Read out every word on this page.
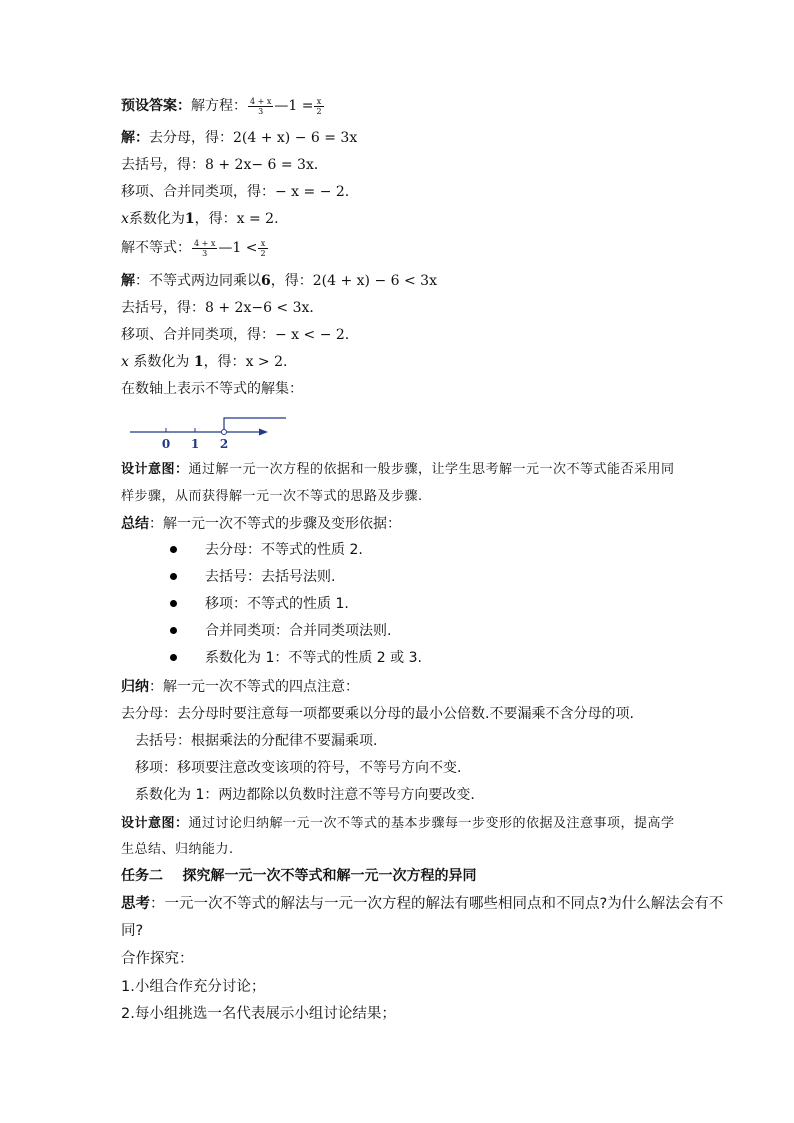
预设答案：解方程： $\frac{4 + x}{3}$ —1 = $\frac{x}{2}$
解：去分母，得：2(4 + x) − 6 = 3x
去括号，得：8 + 2x− 6 = 3x．
移项、合并同类项，得：− x = − 2.
x系数化为1，得：x = 2.
解不等式： $\frac{4 + x}{3}$ —1 < $\frac{x}{2}$
解：不等式两边同乘以6，得：2(4 + x) − 6 < 3x
去括号，得：8 + 2x−6 < 3x．
移项、合并同类项，得：− x < − 2.
x 系数化为 1，得：x > 2.
在数轴上表示不等式的解集：
0 1 2
设计意图：通过解一元一次方程的依据和一般步骤，让学生思考解一元一次不等式能否采用同
样步骤，从而获得解一元一次不等式的思路及步骤.
总结：解一元一次不等式的步骤及变形依据：
去分母：不等式的性质 2.
去括号：去括号法则.
移项：不等式的性质 1.
合并同类项：合并同类项法则.
系数化为 1：不等式的性质 2 或 3.
归纳：解一元一次不等式的四点注意：
去分母：去分母时要注意每一项都要乘以分母的最小公倍数.不要漏乘不含分母的项.
去括号：根据乘法的分配律不要漏乘项.
移项：移项要注意改变该项的符号，不等号方向不变.
系数化为 1：两边都除以负数时注意不等号方向要改变.
设计意图：通过讨论归纳解一元一次不等式的基本步骤每一步变形的依据及注意事项，提高学
生总结、归纳能力.
任务二    探究解一元一次不等式和解一元一次方程的异同
思考：一元一次不等式的解法与一元一次方程的解法有哪些相同点和不同点?为什么解法会有不
同?
合作探究：
1.小组合作充分讨论；
2.每小组挑选一名代表展示小组讨论结果；
